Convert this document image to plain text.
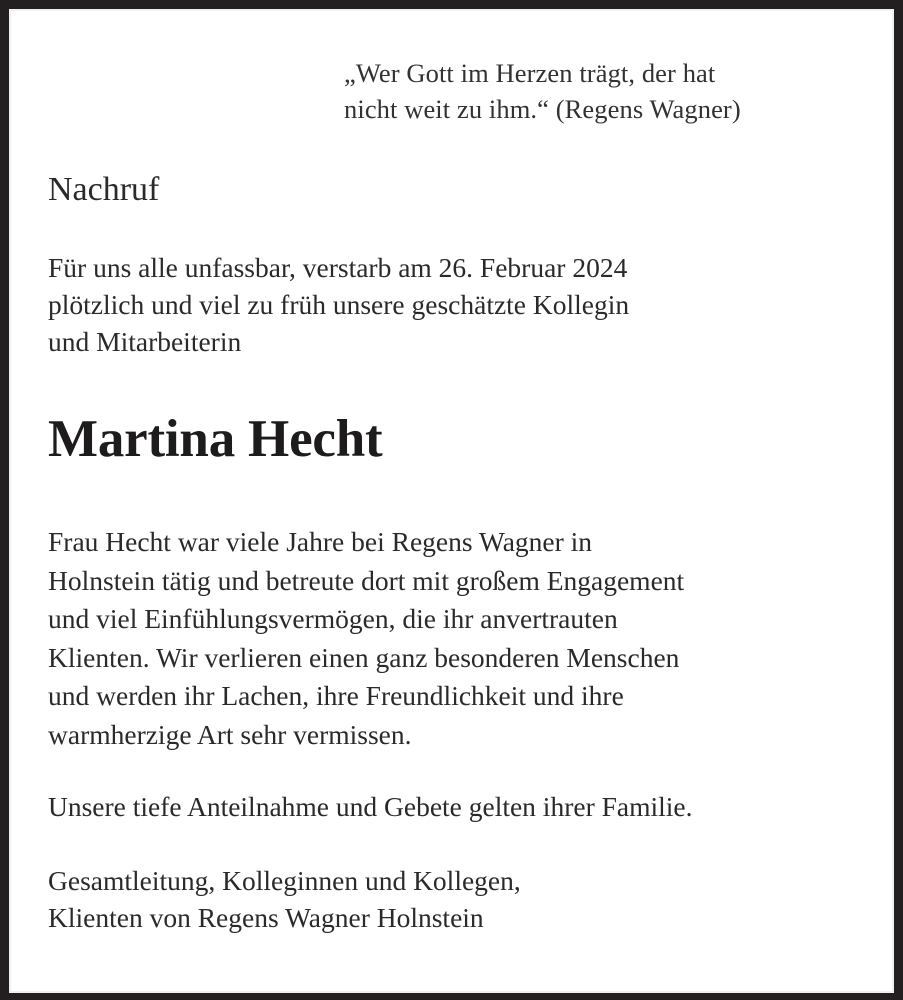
„Wer Gott im Herzen trägt, der hat
nicht weit zu ihm.“ (Regens Wagner)
Nachruf
Für uns alle unfassbar, verstarb am 26. Februar 2024
plötzlich und viel zu früh unsere geschätzte Kollegin
und Mitarbeiterin
Martina Hecht
Frau Hecht war viele Jahre bei Regens Wagner in
Holnstein tätig und betreute dort mit großem Engagement
und viel Einfühlungsvermögen, die ihr anvertrauten
Klienten. Wir verlieren einen ganz besonderen Menschen
und werden ihr Lachen, ihre Freundlichkeit und ihre
warmherzige Art sehr vermissen.
Unsere tiefe Anteilnahme und Gebete gelten ihrer Familie.
Gesamtleitung, Kolleginnen und Kollegen,
Klienten von Regens Wagner Holnstein
